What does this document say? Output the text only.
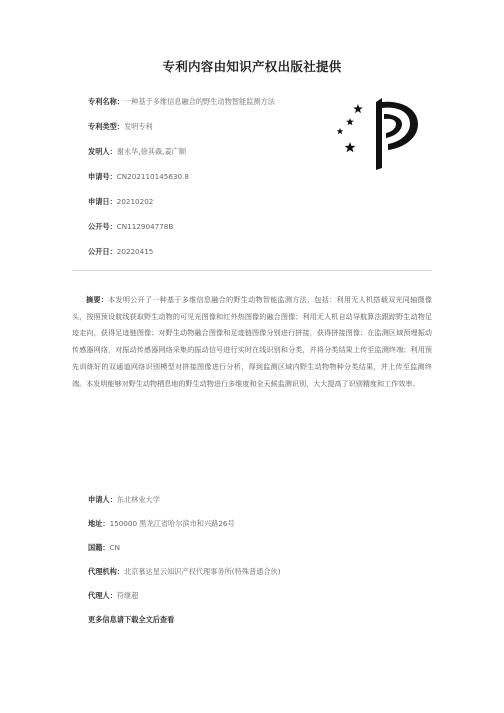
专利内容由知识产权出版社提供
专利名称：一种基于多维信息融合的野生动物智能监测方法
专利类型：发明专利
发明人：谢永华,徐其森,姜广顺
申请号：CN202110145630.8
申请日：20210202
公开号：CN112904778B
公开日：20220415
摘要：本发明公开了一种基于多维信息融合的野生动物智能监测方法，包括：利用无人机搭载双光同轴摄像头，按照预设航线获取野生动物的可见光图像和红外热图像的融合图像；利用无人机自动导航算法跟踪野生动物足迹走向，获得足迹链图像；对野生动物融合图像和足迹链图像分别进行拼接，获得拼接图像；在监测区域预埋振动传感器网络，对振动传感器网络采集的振动信号进行实时在线识别和分类，并将分类结果上传至监测终端；利用预先训练好的双通道网络识别模型对拼接图像进行分析，得到监测区域内野生动物物种分类结果，并上传至监测终端。本发明能够对野生动物栖息地的野生动物进行多维度和全天候监测识别，大大提高了识别精度和工作效率。
申请人：东北林业大学
地址：150000 黑龙江省哈尔滨市和兴路26号
国籍：CN
代理机构：北京慕达星云知识产权代理事务所(特殊普通合伙)
代理人：符继超
更多信息请下载全文后查看
